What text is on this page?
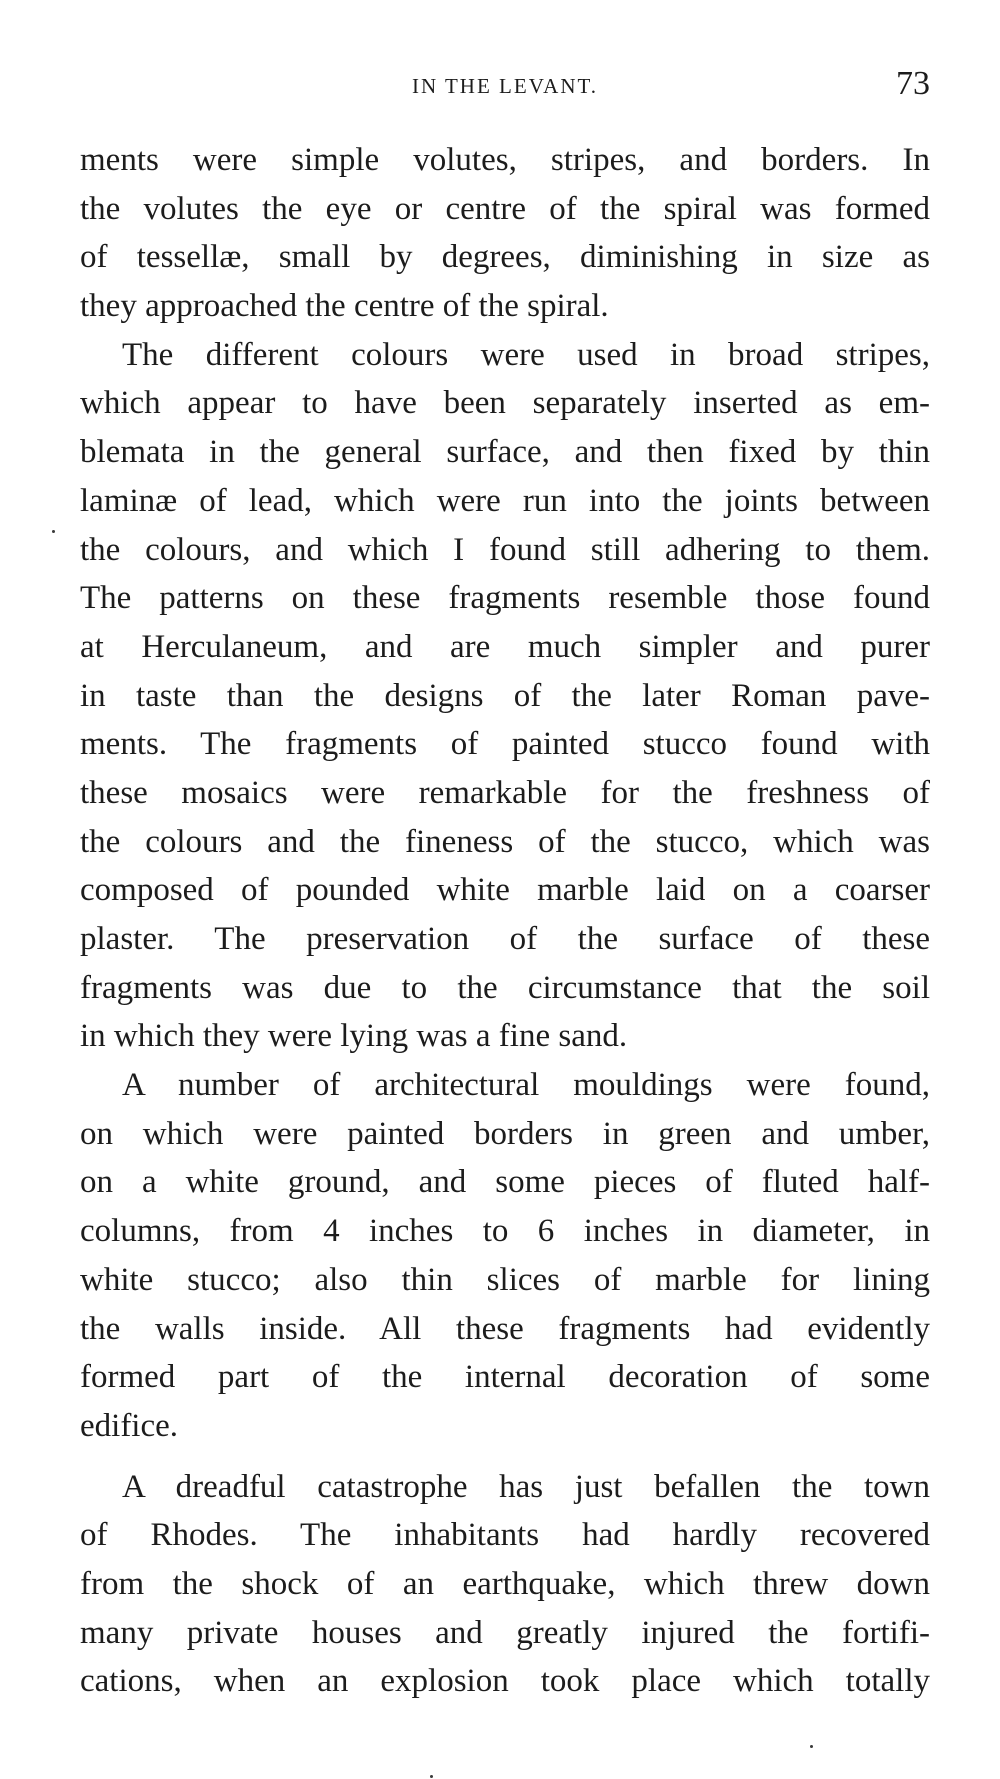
IN THE LEVANT.	73
ments were simple volutes, stripes, and borders. In
the volutes the eye or centre of the spiral was formed
of tessellæ, small by degrees, diminishing in size as
they approached the centre of the spiral.
The different colours were used in broad stripes,
which appear to have been separately inserted as em-
blemata in the general surface, and then fixed by thin
laminæ of lead, which were run into the joints between
the colours, and which I found still adhering to them.
The patterns on these fragments resemble those found
at Herculaneum, and are much simpler and purer
in taste than the designs of the later Roman pave-
ments. The fragments of painted stucco found with
these mosaics were remarkable for the freshness of
the colours and the fineness of the stucco, which was
composed of pounded white marble laid on a coarser
plaster. The preservation of the surface of these
fragments was due to the circumstance that the soil
in which they were lying was a fine sand.
A number of architectural mouldings were found,
on which were painted borders in green and umber,
on a white ground, and some pieces of fluted half-
columns, from 4 inches to 6 inches in diameter, in
white stucco; also thin slices of marble for lining
the walls inside. All these fragments had evidently
formed part of the internal decoration of some
edifice.
A dreadful catastrophe has just befallen the town
of Rhodes. The inhabitants had hardly recovered
from the shock of an earthquake, which threw down
many private houses and greatly injured the fortifi-
cations, when an explosion took place which totally
